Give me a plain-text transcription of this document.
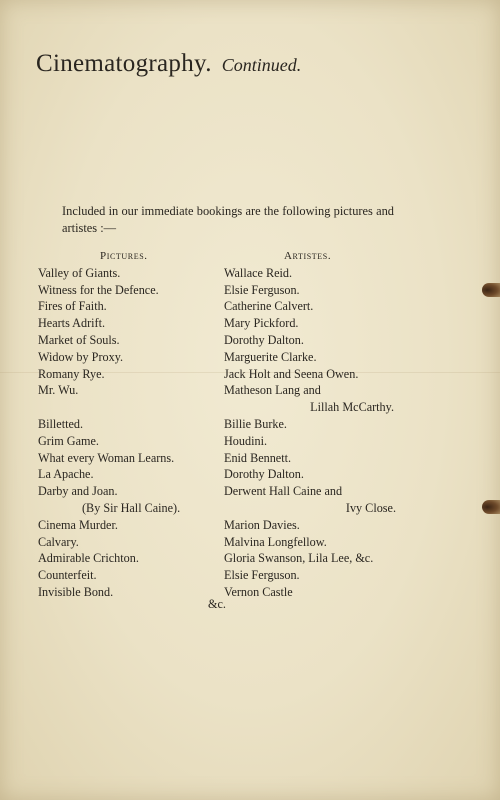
Cinematography. Continued.
Included in our immediate bookings are the following pictures and artistes :—
Pictures.
Valley of Giants.
Witness for the Defence.
Fires of Faith.
Hearts Adrift.
Market of Souls.
Widow by Proxy.
Romany Rye.
Mr. Wu.
Billetted.
Grim Game.
What every Woman Learns.
La Apache.
Darby and Joan.
(By Sir Hall Caine).
Cinema Murder.
Calvary.
Admirable Crichton.
Counterfeit.
Invisible Bond.
Artistes.
Wallace Reid.
Elsie Ferguson.
Catherine Calvert.
Mary Pickford.
Dorothy Dalton.
Marguerite Clarke.
Jack Holt and Seena Owen.
Matheson Lang and
Lillah McCarthy.
Billie Burke.
Houdini.
Enid Bennett.
Dorothy Dalton.
Derwent Hall Caine and
Ivy Close.
Marion Davies.
Malvina Longfellow.
Gloria Swanson, Lila Lee, &c.
Elsie Ferguson.
Vernon Castle
&c.
